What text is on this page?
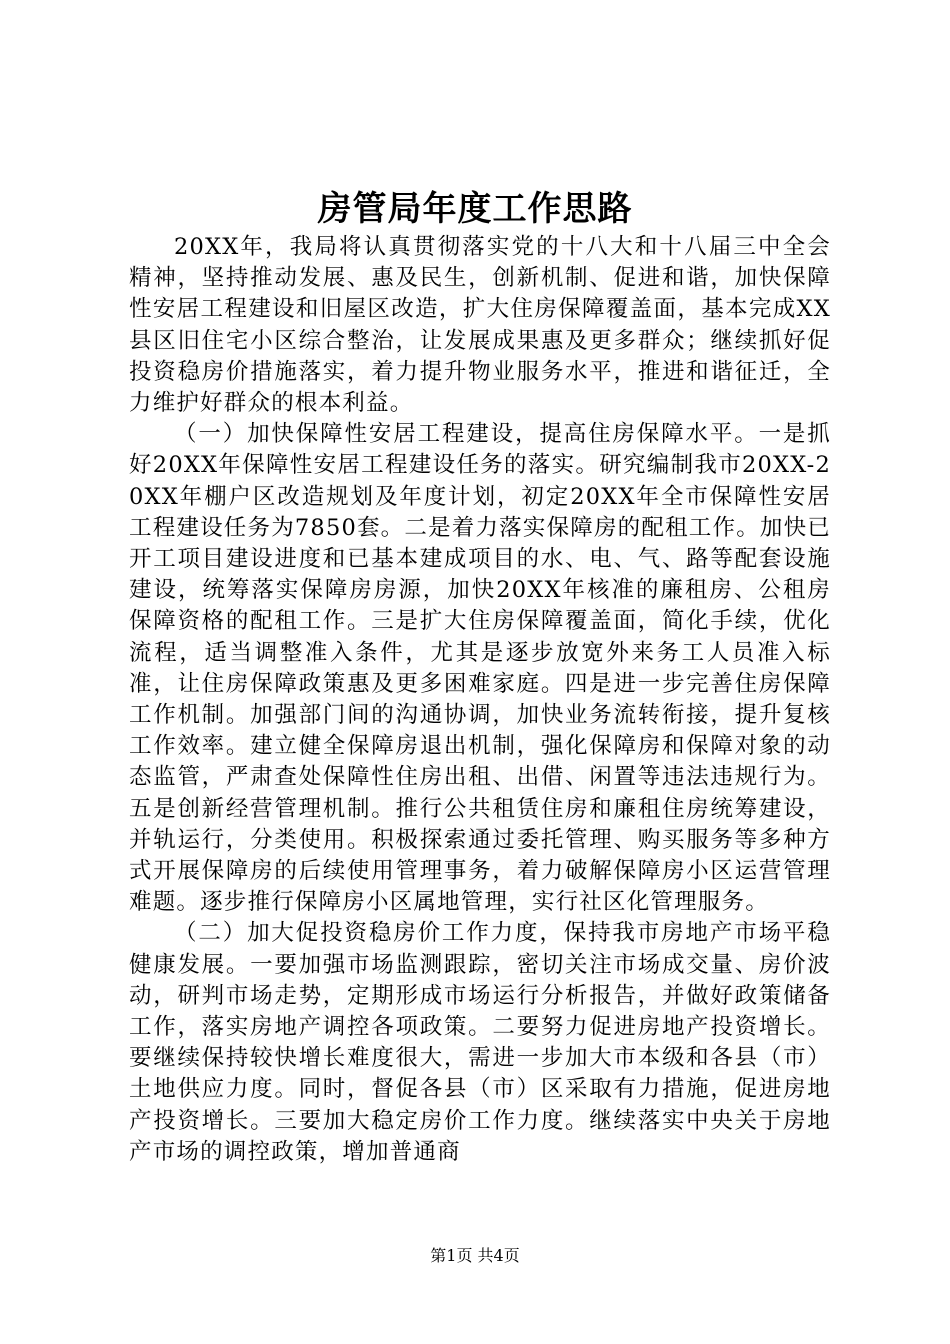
房管局年度工作思路

20XX年，我局将认真贯彻落实党的十八大和十八届三中全会精神，坚持推动发展、惠及民生，创新机制、促进和谐，加快保障性安居工程建设和旧屋区改造，扩大住房保障覆盖面，基本完成XX县区旧住宅小区综合整治，让发展成果惠及更多群众；继续抓好促投资稳房价措施落实，着力提升物业服务水平，推进和谐征迁，全力维护好群众的根本利益。

（一）加快保障性安居工程建设，提高住房保障水平。一是抓好20XX年保障性安居工程建设任务的落实。研究编制我市20XX-20XX年棚户区改造规划及年度计划，初定20XX年全市保障性安居工程建设任务为7850套。二是着力落实保障房的配租工作。加快已开工项目建设进度和已基本建成项目的水、电、气、路等配套设施建设，统筹落实保障房房源，加快20XX年核准的廉租房、公租房保障资格的配租工作。三是扩大住房保障覆盖面，简化手续，优化流程，适当调整准入条件，尤其是逐步放宽外来务工人员准入标准，让住房保障政策惠及更多困难家庭。四是进一步完善住房保障工作机制。加强部门间的沟通协调，加快业务流转衔接，提升复核工作效率。建立健全保障房退出机制，强化保障房和保障对象的动态监管，严肃查处保障性住房出租、出借、闲置等违法违规行为。五是创新经营管理机制。推行公共租赁住房和廉租住房统筹建设，并轨运行，分类使用。积极探索通过委托管理、购买服务等多种方式开展保障房的后续使用管理事务，着力破解保障房小区运营管理难题。逐步推行保障房小区属地管理，实行社区化管理服务。

（二）加大促投资稳房价工作力度，保持我市房地产市场平稳健康发展。一要加强市场监测跟踪，密切关注市场成交量、房价波动，研判市场走势，定期形成市场运行分析报告，并做好政策储备工作，落实房地产调控各项政策。二要努力促进房地产投资增长。要继续保持较快增长难度很大，需进一步加大市本级和各县（市）土地供应力度。同时，督促各县（市）区采取有力措施，促进房地产投资增长。三要加大稳定房价工作力度。继续落实中央关于房地产市场的调控政策，增加普通商

第1页 共4页
